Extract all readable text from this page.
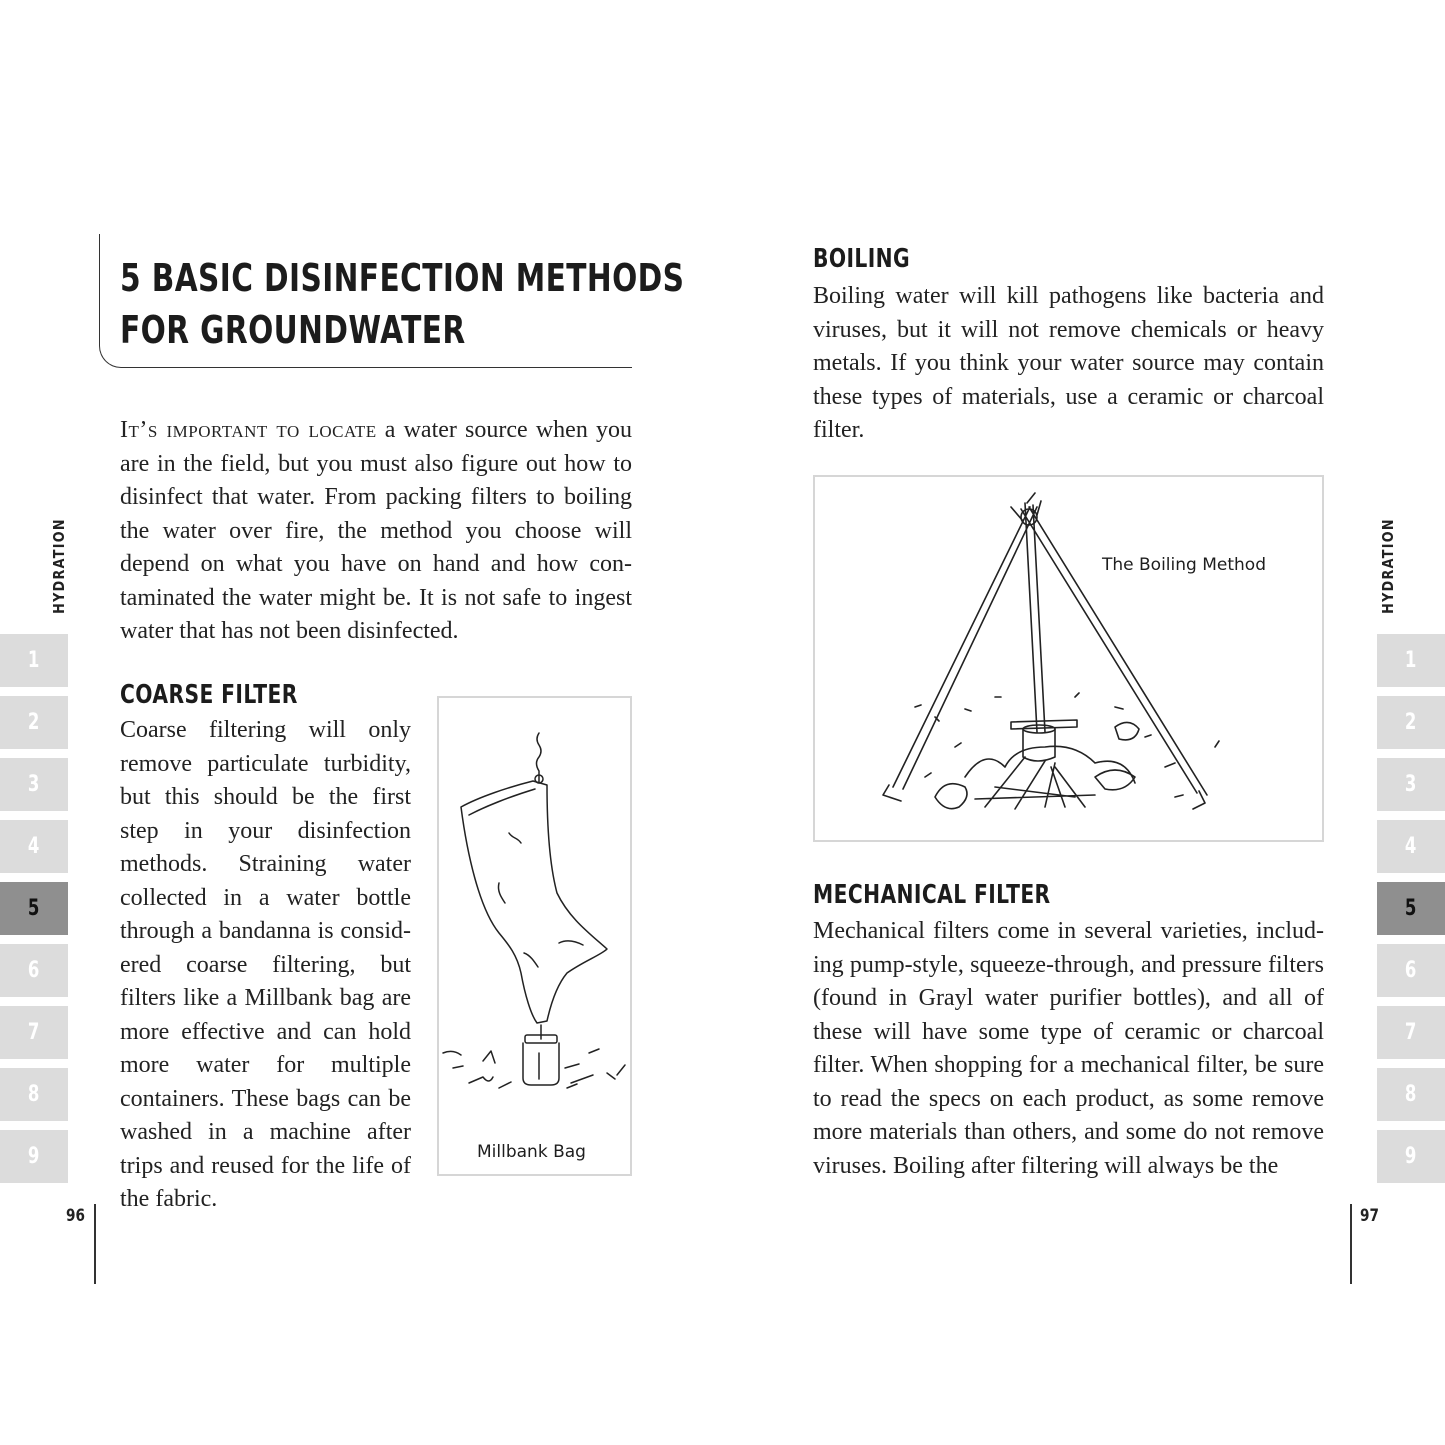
5 BASIC DISINFECTION METHODS
FOR GROUNDWATER

It’s important to locate a water source when you are in the field, but you must also figure out how to disinfect that water. From packing filters to boiling the water over fire, the method you choose will depend on what you have on hand and how contaminated the water might be. It is not safe to ingest water that has not been disinfected.

COARSE FILTER

Coarse filtering will only remove particulate turbidity, but this should be the first step in your disinfection methods. Straining water collected in a water bottle through a bandanna is considered coarse filtering, but filters like a Millbank bag are more effective and can hold more water for multiple containers. These bags can be washed in a machine after trips and reused for the life of the fabric.

Millbank Bag
HYDRATION
1
2
3
4
5
6
7
8
9
96
BOILING

Boiling water will kill pathogens like bacteria and viruses, but it will not remove chemicals or heavy metals. If you think your water source may contain these types of materials, use a ceramic or charcoal filter.

The Boiling Method
MECHANICAL FILTER

Mechanical filters come in several varieties, including pump-style, squeeze-through, and pressure filters (found in Grayl water purifier bottles), and all of these will have some type of ceramic or charcoal filter. When shopping for a mechanical filter, be sure to read the specs on each product, as some remove more materials than others, and some do not remove viruses. Boiling after filtering will always be the

HYDRATION
1
2
3
4
5
6
7
8
9
97
